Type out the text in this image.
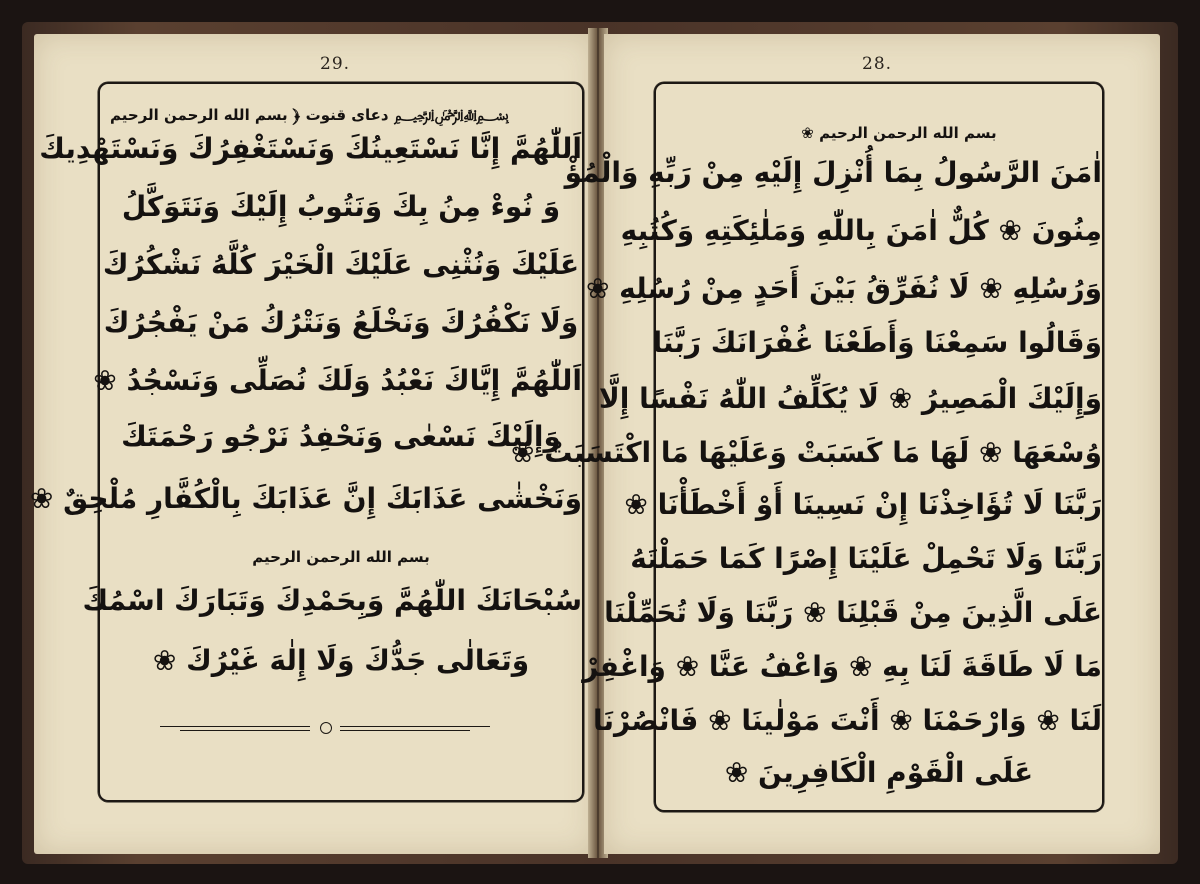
29.
﷽ دعاى قنوت ﴿ بسم الله الرحمن الرحيم
اَللّٰهُمَّ إِنَّا نَسْتَعِينُكَ وَنَسْتَغْفِرُكَ وَنَسْتَهْدِيكَ
وَ نُوءْ مِنُ بِكَ وَنَتُوبُ إِلَيْكَ وَنَتَوَكَّلُ
عَلَيْكَ وَنُثْنِى عَلَيْكَ الْخَيْرَ كُلَّهُ نَشْكُرُكَ
وَلَا نَكْفُرُكَ وَنَخْلَعُ وَنَتْرُكُ مَنْ يَفْجُرُكَ
اَللّٰهُمَّ إِيَّاكَ نَعْبُدُ وَلَكَ نُصَلِّى وَنَسْجُدُ ❀
وَإِلَيْكَ نَسْعٰى وَنَحْفِدُ نَرْجُو رَحْمَتَكَ
وَنَخْشٰى عَذَابَكَ إِنَّ عَذَابَكَ بِالْكُفَّارِ مُلْحِقٌ ❀
بسم الله الرحمن الرحيم
سُبْحَانَكَ اللّٰهُمَّ وَبِحَمْدِكَ وَتَبَارَكَ اسْمُكَ
وَتَعَالٰى جَدُّكَ وَلَا إِلٰهَ غَيْرُكَ ❀
28.
بسم الله الرحمن الرحيم ❀
اٰمَنَ الرَّسُولُ بِمَا أُنْزِلَ إِلَيْهِ مِنْ رَبِّهِ وَالْمُؤْ
مِنُونَ ❀ كُلٌّ اٰمَنَ بِاللّٰهِ وَمَلٰئِكَتِهِ وَكُتُبِهِ
وَرُسُلِهِ ❀ لَا نُفَرِّقُ بَيْنَ أَحَدٍ مِنْ رُسُلِهِ ❀
وَقَالُوا سَمِعْنَا وَأَطَعْنَا غُفْرَانَكَ رَبَّنَا
وَإِلَيْكَ الْمَصِيرُ ❀ لَا يُكَلِّفُ اللّٰهُ نَفْسًا إِلَّا
وُسْعَهَا ❀ لَهَا مَا كَسَبَتْ وَعَلَيْهَا مَا اكْتَسَبَتْ ❀
رَبَّنَا لَا تُؤَاخِذْنَا إِنْ نَسِينَا أَوْ أَخْطَأْنَا ❀
رَبَّنَا وَلَا تَحْمِلْ عَلَيْنَا إِصْرًا كَمَا حَمَلْتَهُ
عَلَى الَّذِينَ مِنْ قَبْلِنَا ❀ رَبَّنَا وَلَا تُحَمِّلْنَا
مَا لَا طَاقَةَ لَنَا بِهِ ❀ وَاعْفُ عَنَّا ❀ وَاغْفِرْ
لَنَا ❀ وَارْحَمْنَا ❀ أَنْتَ مَوْلٰينَا ❀ فَانْصُرْنَا
عَلَى الْقَوْمِ الْكَافِرِينَ ❀
